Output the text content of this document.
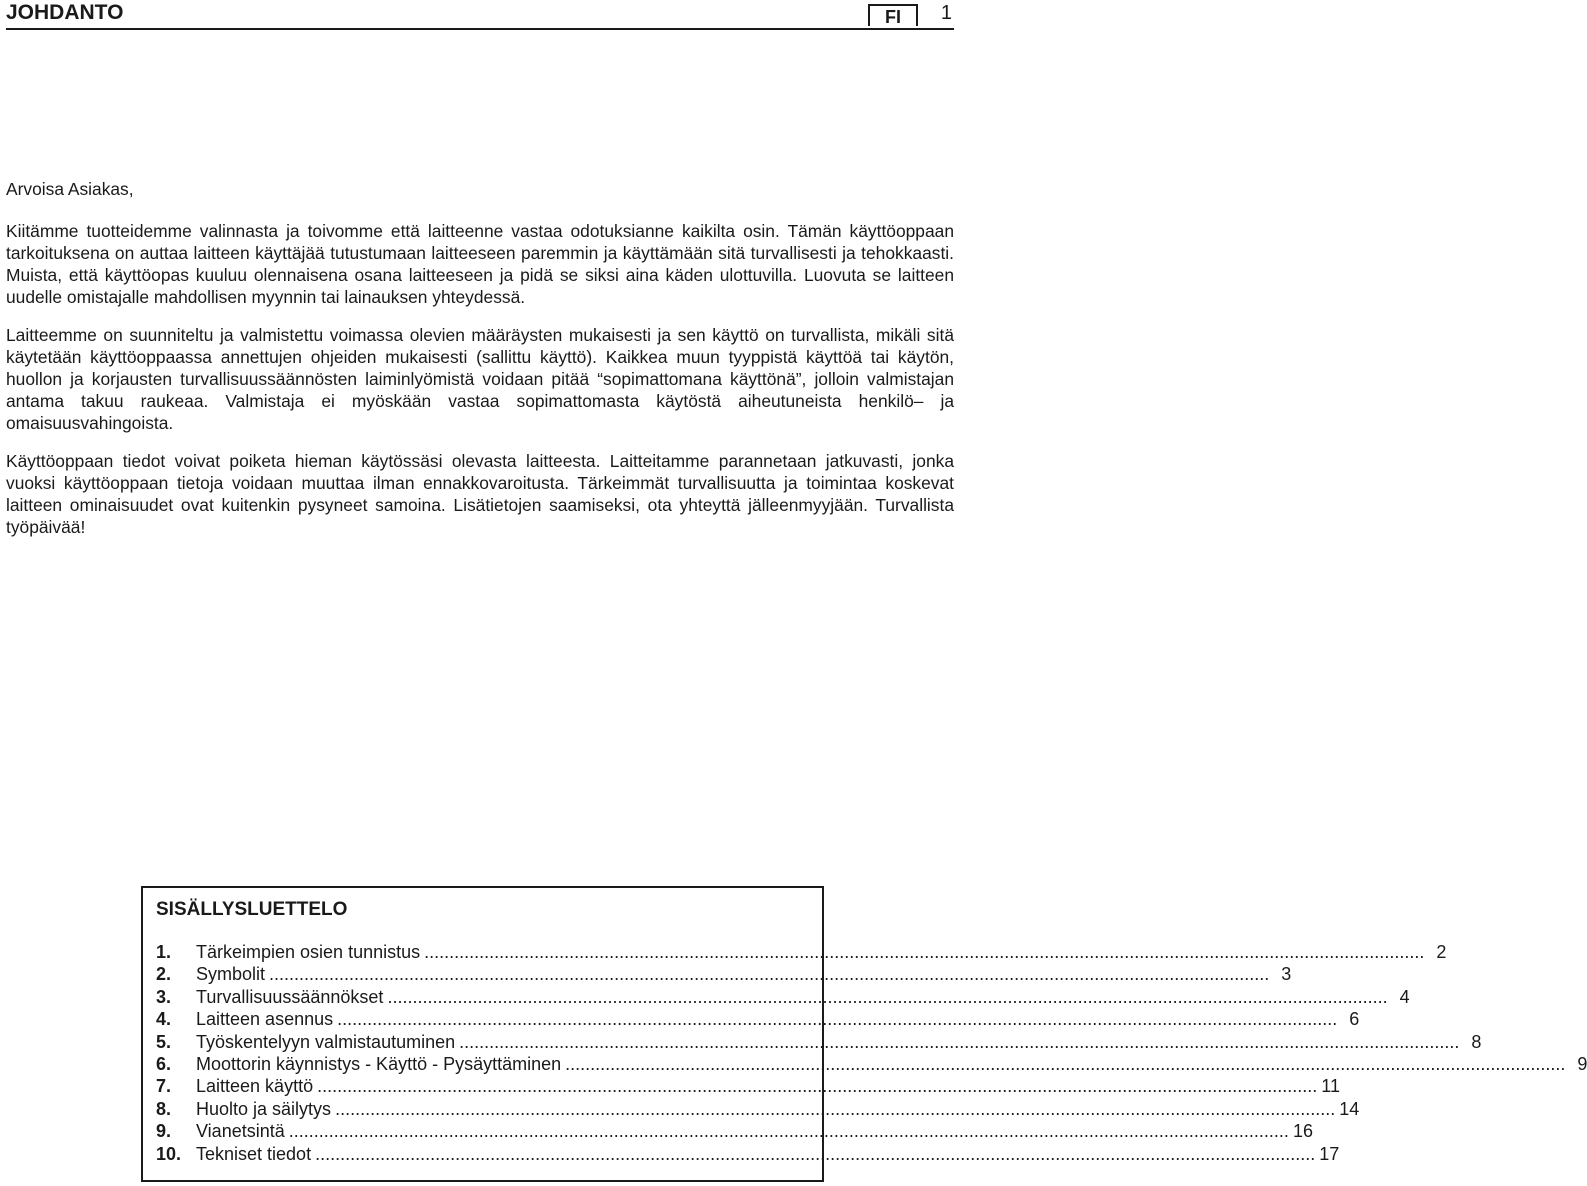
JOHDANTO	FI	1

Arvoisa Asiakas,

Kiitämme tuotteidemme valinnasta ja toivomme että laitteenne vastaa odotuksianne kaikilta osin. Tämän käyttöoppaan tarkoituksena on auttaa laitteen käyttäjää tutustumaan laitteeseen paremmin ja käyttämään sitä turvallisesti ja tehokkaasti. Muista, että käyttöopas kuuluu olennaisena osana laitteeseen ja pidä se siksi aina käden ulottuvilla. Luovuta se laitteen uudelle omistajalle mahdollisen myynnin tai lainauksen yhteydessä.

Laitteemme on suunniteltu ja valmistettu voimassa olevien määräysten mukaisesti ja sen käyttö on turvallista, mikäli sitä käytetään käyttöoppaassa annettujen ohjeiden mukaisesti (sallittu käyttö). Kaikkea muun tyyppistä käyttöä tai käytön, huollon ja korjausten turvallisuussäännösten laiminlyömistä voidaan pitää “sopimattomana käyttönä”, jolloin valmistajan antama takuu raukeaa. Valmistaja ei myöskään vastaa sopimattomasta käytöstä aiheutuneista henkilö– ja omaisuusvahingoista.

Käyttöoppaan tiedot voivat poiketa hieman käytössäsi olevasta laitteesta. Laitteitamme parannetaan jatkuvasti, jonka vuoksi käyttöoppaan tietoja voidaan muuttaa ilman ennakkovaroitusta. Tärkeimmät turvallisuutta ja toimintaa koskevat laitteen ominaisuudet ovat kuitenkin pysyneet samoina. Lisätietojen saamiseksi, ota yhteyttä jälleenmyyjään. Turvallista työpäivää!

SISÄLLYSLUETTELO
1.	Tärkeimpien osien tunnistus ........................................................................................................................................................................................................ 2
2.	Symbolit ........................................................................................................................................................................................................ 3
3.	Turvallisuussäännökset ........................................................................................................................................................................................................ 4
4.	Laitteen asennus ........................................................................................................................................................................................................ 6
5.	Työskentelyyn valmistautuminen ........................................................................................................................................................................................................ 8
6.	Moottorin käynnistys - Käyttö - Pysäyttäminen ........................................................................................................................................................................................................ 9
7.	Laitteen käyttö ........................................................................................................................................................................................................ 11
8.	Huolto ja säilytys ........................................................................................................................................................................................................ 14
9.	Vianetsintä ........................................................................................................................................................................................................ 16
10. Tekniset tiedot ........................................................................................................................................................................................................ 17
